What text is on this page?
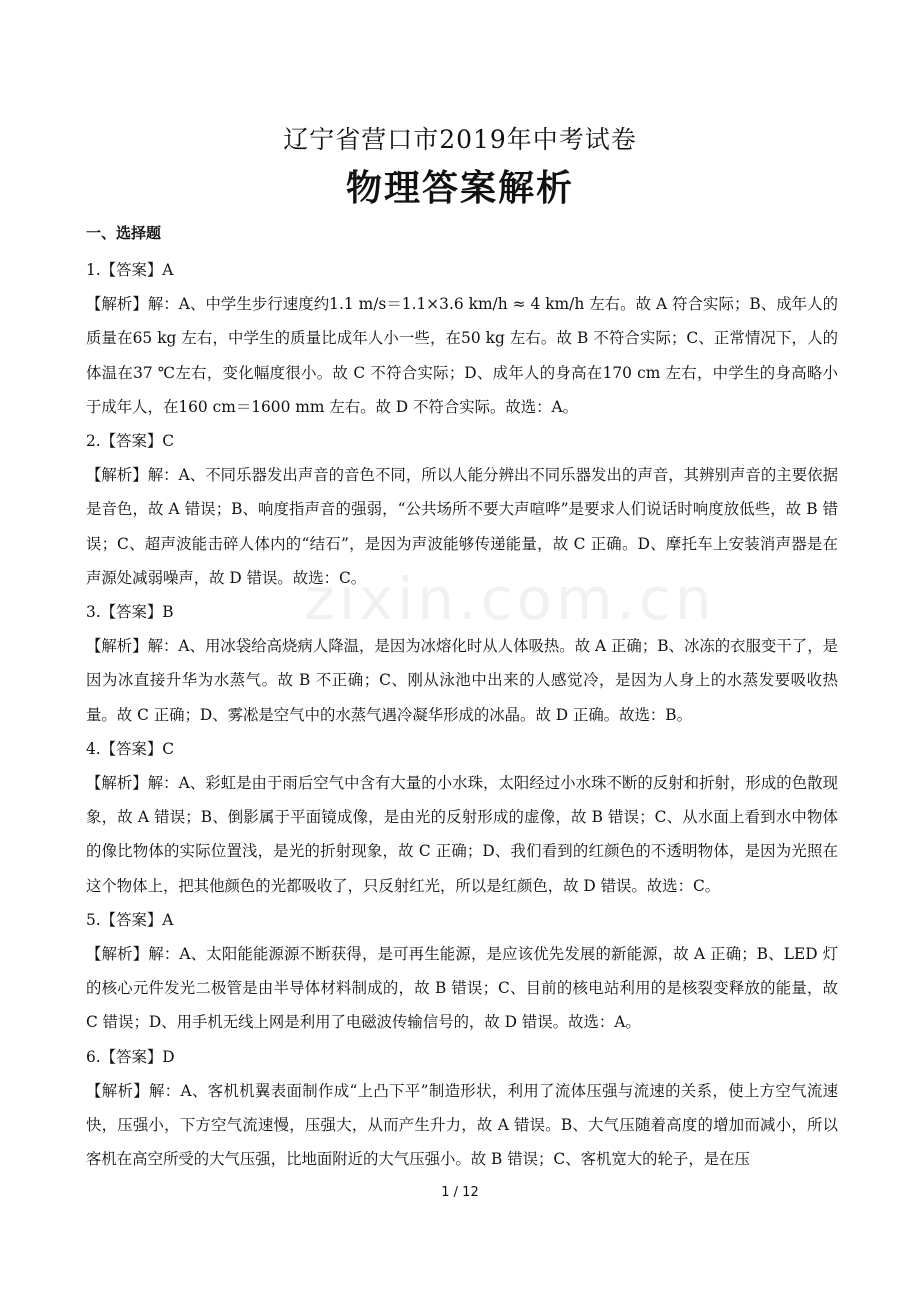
辽宁省营口市2019年中考试卷
物理答案解析
一、选择题
zixin.com.cn

1.【答案】A

【解析】解：A、中学生步行速度约1.1 m/s＝1.1×3.6 km/h ≈ 4 km/h 左右。故 A 符合实际；B、成年人的质量在65 kg 左右，中学生的质量比成年人小一些，在50 kg 左右。故 B 不符合实际；C、正常情况下，人的体温在37 ℃左右，变化幅度很小。故 C 不符合实际；D、成年人的身高在170 cm 左右，中学生的身高略小于成年人，在160 cm＝1600 mm 左右。故 D 不符合实际。故选：A。

2.【答案】C

【解析】解：A、不同乐器发出声音的音色不同，所以人能分辨出不同乐器发出的声音，其辨别声音的主要依据是音色，故 A 错误；B、响度指声音的强弱，“公共场所不要大声喧哗”是要求人们说话时响度放低些，故 B 错误；C、超声波能击碎人体内的“结石”，是因为声波能够传递能量，故 C 正确。D、摩托车上安装消声器是在声源处减弱噪声，故 D 错误。故选：C。

3.【答案】B

【解析】解：A、用冰袋给高烧病人降温，是因为冰熔化时从人体吸热。故 A 正确；B、冰冻的衣服变干了，是因为冰直接升华为水蒸气。故 B 不正确；C、刚从泳池中出来的人感觉冷，是因为人身上的水蒸发要吸收热量。故 C 正确；D、雾凇是空气中的水蒸气遇冷凝华形成的冰晶。故 D 正确。故选：B。

4.【答案】C

【解析】解：A、彩虹是由于雨后空气中含有大量的小水珠，太阳经过小水珠不断的反射和折射，形成的色散现象，故 A 错误；B、倒影属于平面镜成像，是由光的反射形成的虚像，故 B 错误；C、从水面上看到水中物体的像比物体的实际位置浅，是光的折射现象，故 C 正确；D、我们看到的红颜色的不透明物体，是因为光照在这个物体上，把其他颜色的光都吸收了，只反射红光，所以是红颜色，故 D 错误。故选：C。

5.【答案】A

【解析】解：A、太阳能能源源不断获得，是可再生能源，是应该优先发展的新能源，故 A 正确；B、LED 灯的核心元件发光二极管是由半导体材料制成的，故 B 错误；C、目前的核电站利用的是核裂变释放的能量，故 C 错误；D、用手机无线上网是利用了电磁波传输信号的，故 D 错误。故选：A。

6.【答案】D

【解析】解：A、客机机翼表面制作成“上凸下平”制造形状，利用了流体压强与流速的关系，使上方空气流速快，压强小，下方空气流速慢，压强大，从而产生升力，故 A 错误。B、大气压随着高度的增加而减小，所以客机在高空所受的大气压强，比地面附近的大气压强小。故 B 错误；C、客机宽大的轮子，是在压

1 / 12
